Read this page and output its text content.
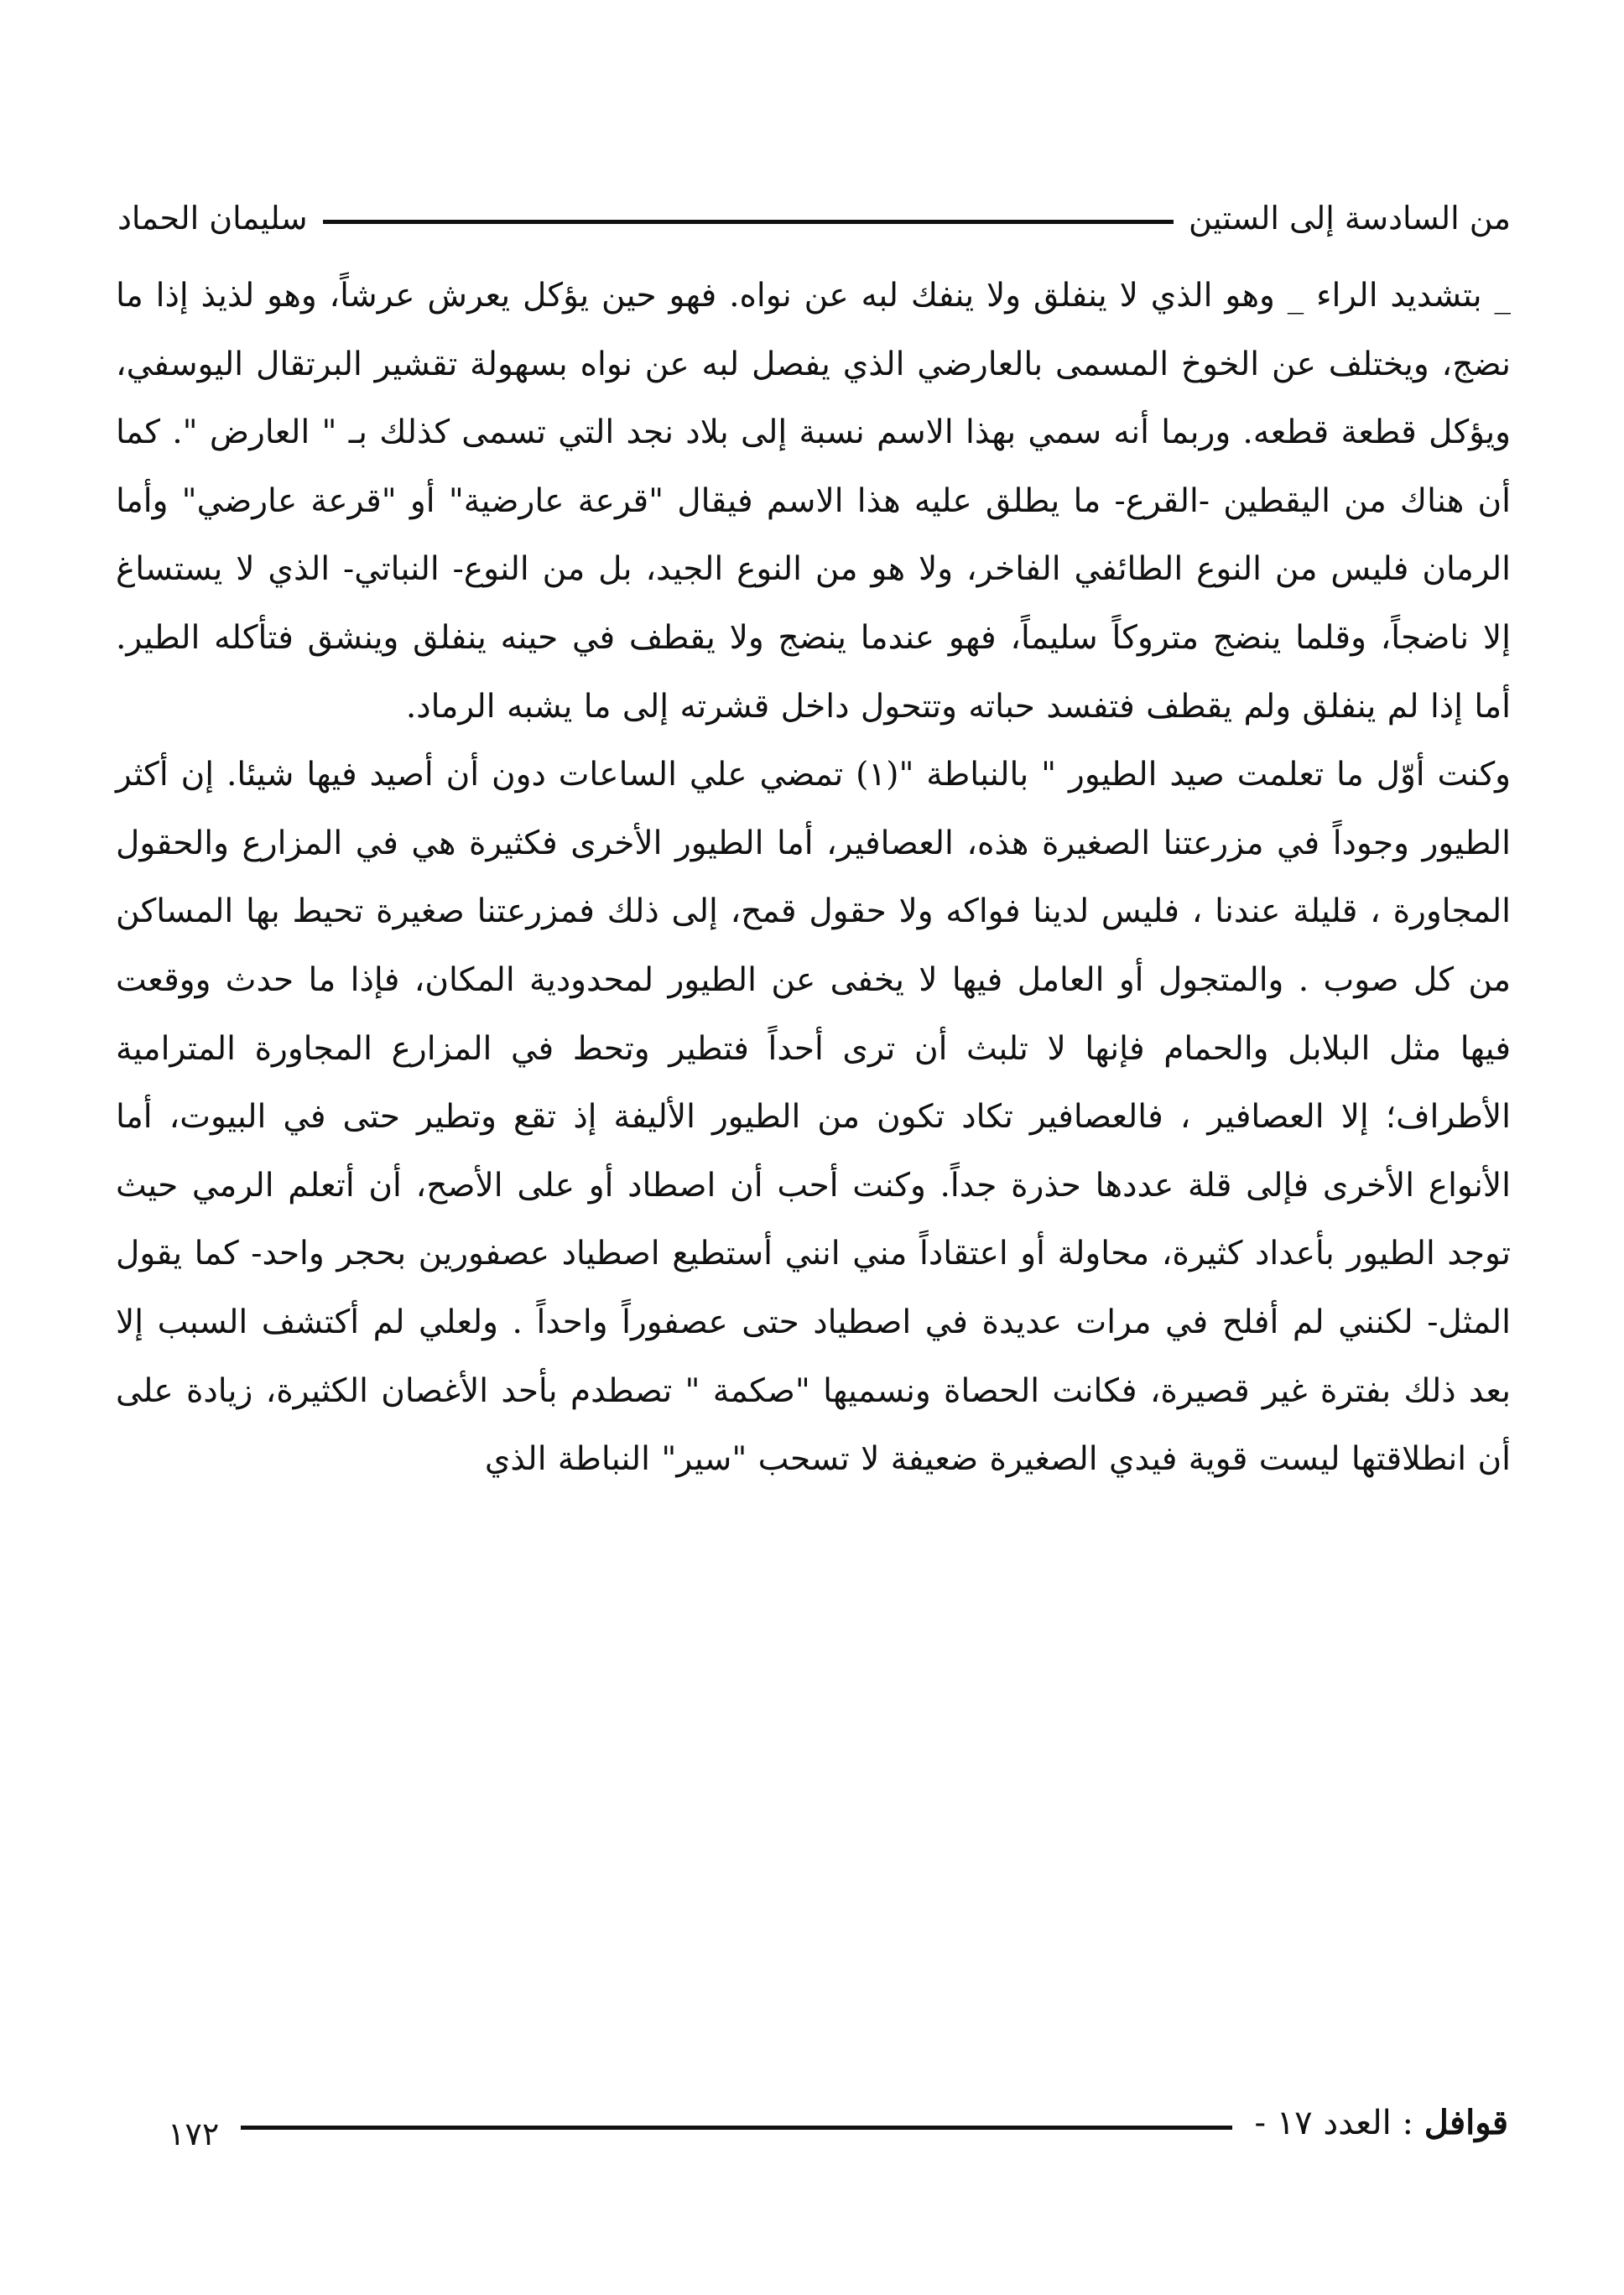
من السادسة إلى الستين
سليمان الحماد

_ بتشديد الراء _ وهو الذي لا ينفلق ولا ينفك لبه عن نواه. فهو حين يؤكل يعرش عرشاً، وهو لذيذ إذا ما نضج، ويختلف عن الخوخ المسمى بالعارضي الذي يفصل لبه عن نواه بسهولة تقشير البرتقال اليوسفي، ويؤكل قطعة قطعه. وربما أنه سمي بهذا الاسم نسبة إلى بلاد نجد التي تسمى كذلك بـ " العارض ". كما أن هناك من اليقطين -القرع- ما يطلق عليه هذا الاسم فيقال "قرعة عارضية" أو "قرعة عارضي" وأما الرمان فليس من النوع الطائفي الفاخر، ولا هو من النوع الجيد، بل من النوع- النباتي- الذي لا يستساغ إلا ناضجاً، وقلما ينضج متروكاً سليماً، فهو عندما ينضج ولا يقطف في حينه ينفلق وينشق فتأكله الطير. أما إذا لم ينفلق ولم يقطف فتفسد حباته وتتحول داخل قشرته إلى ما يشبه الرماد.

وكنت أوّل ما تعلمت صيد الطيور " بالنباطة "(١) تمضي علي الساعات دون أن أصيد فيها شيئا. إن أكثر الطيور وجوداً في مزرعتنا الصغيرة هذه، العصافير، أما الطيور الأخرى فكثيرة هي في المزارع والحقول المجاورة ، قليلة عندنا ، فليس لدينا فواكه ولا حقول قمح، إلى ذلك فمزرعتنا صغيرة تحيط بها المساكن من كل صوب . والمتجول أو العامل فيها لا يخفى عن الطيور لمحدودية المكان، فإذا ما حدث ووقعت فيها مثل البلابل والحمام فإنها لا تلبث أن ترى أحداً فتطير وتحط في المزارع المجاورة المترامية الأطراف؛ إلا العصافير ، فالعصافير تكاد تكون من الطيور الأليفة إذ تقع وتطير حتى في البيوت، أما الأنواع الأخرى فإلى قلة عددها حذرة جداً. وكنت أحب أن اصطاد أو على الأصح، أن أتعلم الرمي حيث توجد الطيور بأعداد كثيرة، محاولة أو اعتقاداً مني انني أستطيع اصطياد عصفورين بحجر واحد- كما يقول المثل- لكنني لم أفلح في مرات عديدة في اصطياد حتى عصفوراً واحداً . ولعلي لم أكتشف السبب إلا بعد ذلك بفترة غير قصيرة، فكانت الحصاة ونسميها "صكمة " تصطدم بأحد الأغصان الكثيرة، زيادة على أن انطلاقتها ليست قوية فيدي الصغيرة ضعيفة لا تسحب "سير" النباطة الذي

قوافل : العدد ١٧ -
١٧٢
